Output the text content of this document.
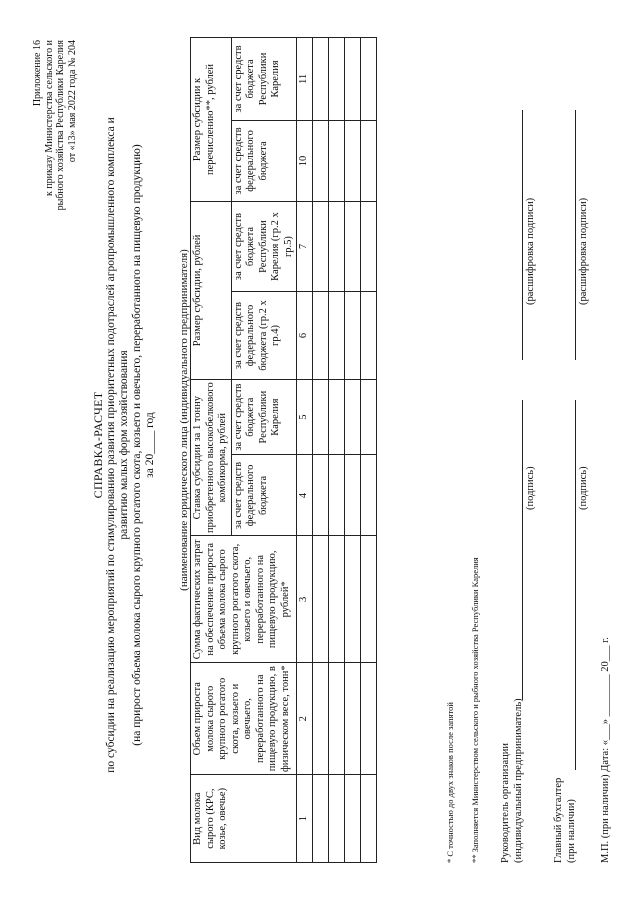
Приложение 16 к приказу Министерства сельского и рыбного хозяйства Республики Карелия от «13» мая 2022 года № 204
СПРАВКА-РАСЧЕТ по субсидии на реализацию мероприятий по стимулированию развития приоритетных подотраслей агропромышленного комплекса и развитию малых форм хозяйствования (на прирост объема молока сырого крупного рогатого скота, козьего и овечьего, переработанного на пищевую продукцию) за 20____ год (наименование юридического лица (индивидуального предпринимателя)
Вид молока сырого (КРС, козье, овечье)	Объем прироста молока сырого крупного рогатого скота, козьего и овечьего, переработанного на пищевую продукцию, в физическом весе, тонн*	Сумма фактических затрат на обеспечение прироста объема молока сырого крупного рогатого скота, козьего и овечьего, переработанного на пищевую продукцию, рублей*	Ставка субсидии за 1 тонну приобретенного высокобелкового комбикорма, рублей		Размер субсидии, рублей		Размер субсидии к перечислению**, рублей	
			за счет средств федерального бюджета	за счет средств бюджета Республики Карелия	за счет средств федерального бюджета (гр.2 х гр.4)	за счет средств бюджета Республики Карелия (гр.2 х гр.5)	за счет средств федерального бюджета	за счет средств бюджета Республики Карелия
1	2	3	4	5	6	7	10	11

* С точностью до двух знаков после запятой ** Заполняется Министерством сельского и рыбного хозяйства Республики Карелия Руководитель организации (индивидуальный предприниматель)
(подпись)
(расшифровка подписи)
Главный бухгалтер (при наличии)
(подпись)
(расшифровка подписи)
М.П. (при наличии) Дата: «___» ________ 20___ г.
